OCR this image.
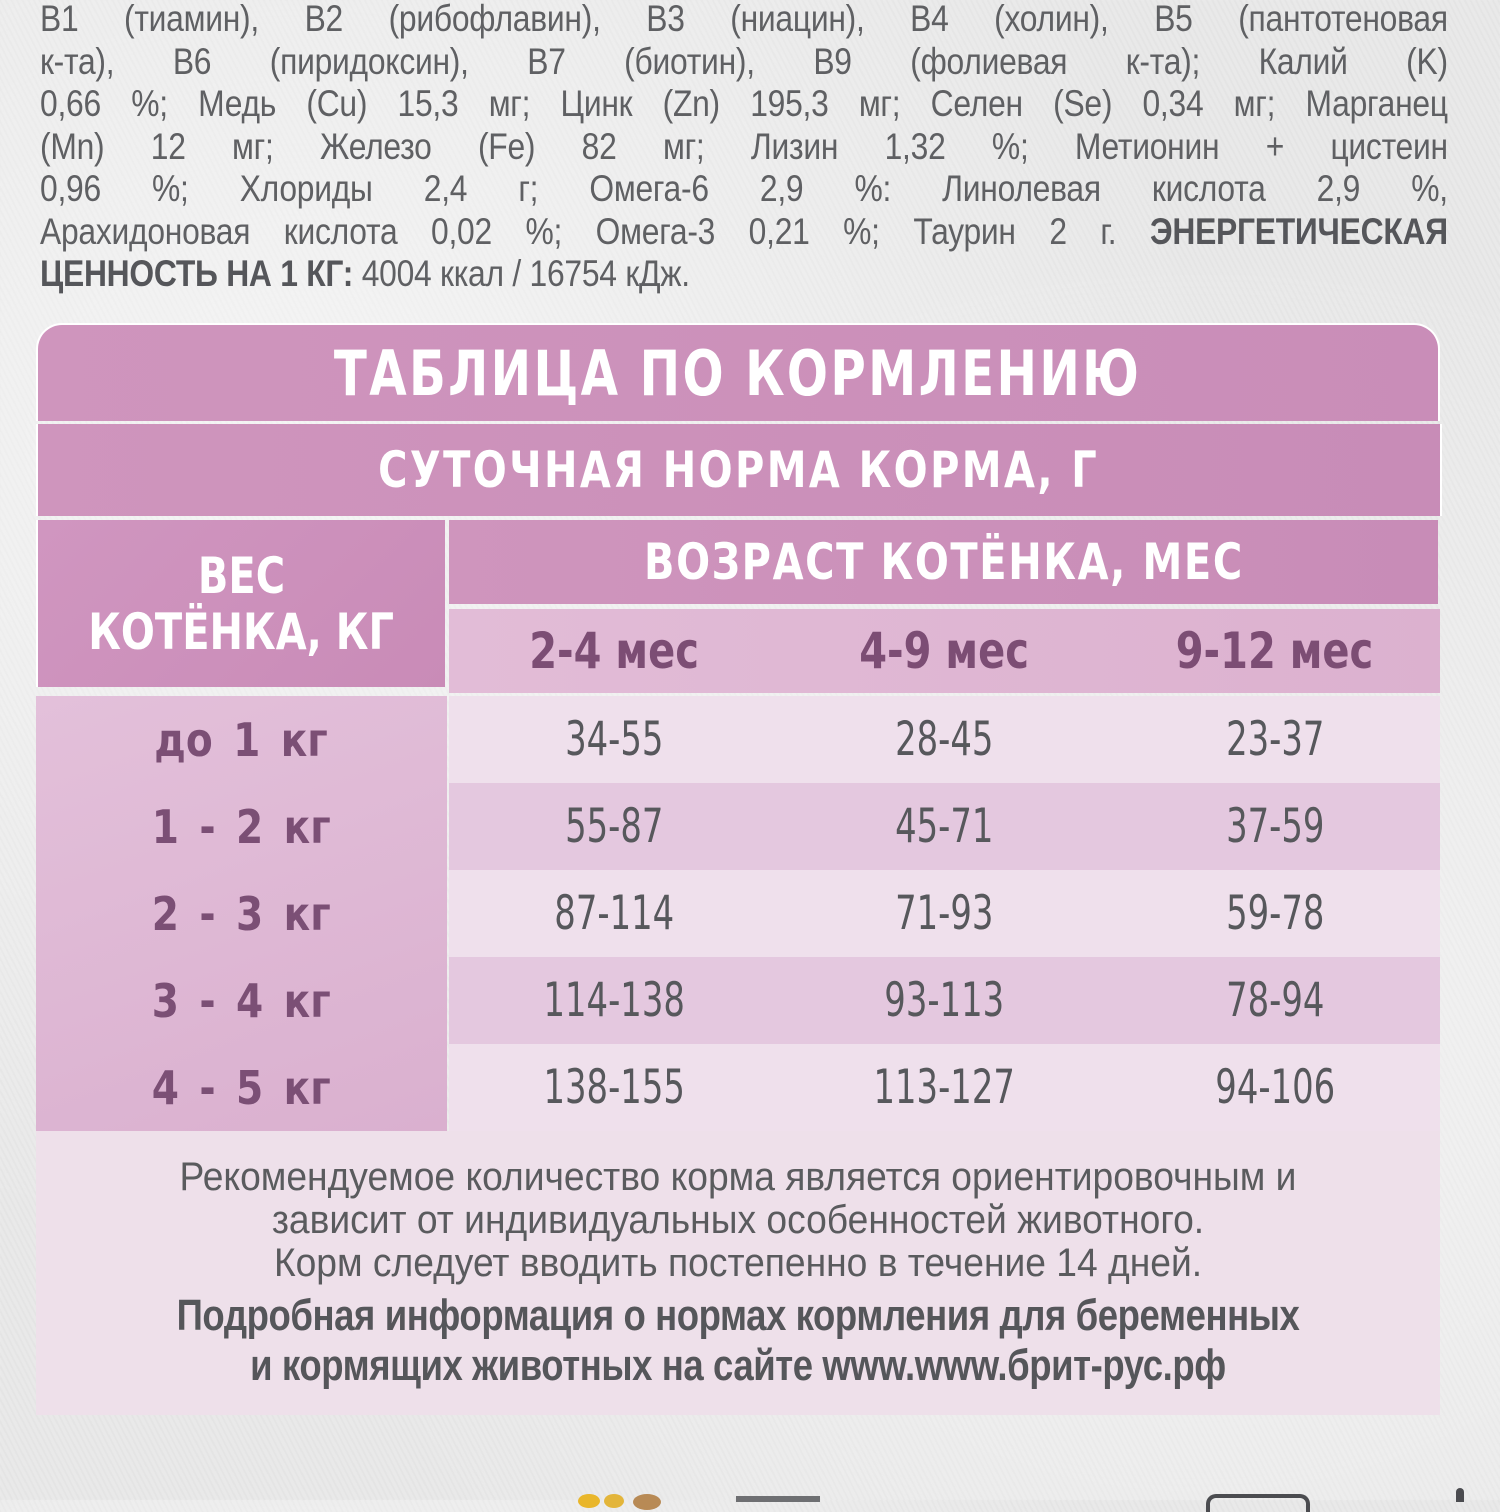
B1 (тиамин), B2 (рибофлавин), B3 (ниацин), B4 (холин), B5 (пантотеновая
к-та), B6 (пиридоксин), B7 (биотин), B9 (фолиевая к-та); Калий (K)
0,66 %; Медь (Cu) 15,3 мг; Цинк (Zn) 195,3 мг; Селен (Se) 0,34 мг; Марганец
(Mn) 12 мг; Железо (Fe) 82 мг; Лизин 1,32 %; Метионин + цистеин
0,96 %; Хлориды 2,4 г; Омега-6 2,9 %: Линолевая кислота 2,9 %,
Арахидоновая кислота 0,02 %; Омега-3 0,21 %; Таурин 2 г. ЭНЕРГЕТИЧЕСКАЯ
ЦЕННОСТЬ НА 1 КГ: 4004 ккал / 16754 кДж.
ТАБЛИЦА ПО КОРМЛЕНИЮ
СУТОЧНАЯ НОРМА КОРМА, Г
ВЕС
КОТЁНКА, КГ
ВОЗРАСТ КОТЁНКА, МЕС
2-4 мес	4-9 мес	9-12 мес
до 1 кг	34-55	28-45	23-37
1 - 2 кг	55-87	45-71	37-59
2 - 3 кг	87-114	71-93	59-78
3 - 4 кг	114-138	93-113	78-94
4 - 5 кг	138-155	113-127	94-106
Рекомендуемое количество корма является ориентировочным и
зависит от индивидуальных особенностей животного.
Корм следует вводить постепенно в течение 14 дней.
Подробная информация о нормах кормления для беременных
и кормящих животных на сайте www.www.брит-рус.рф
